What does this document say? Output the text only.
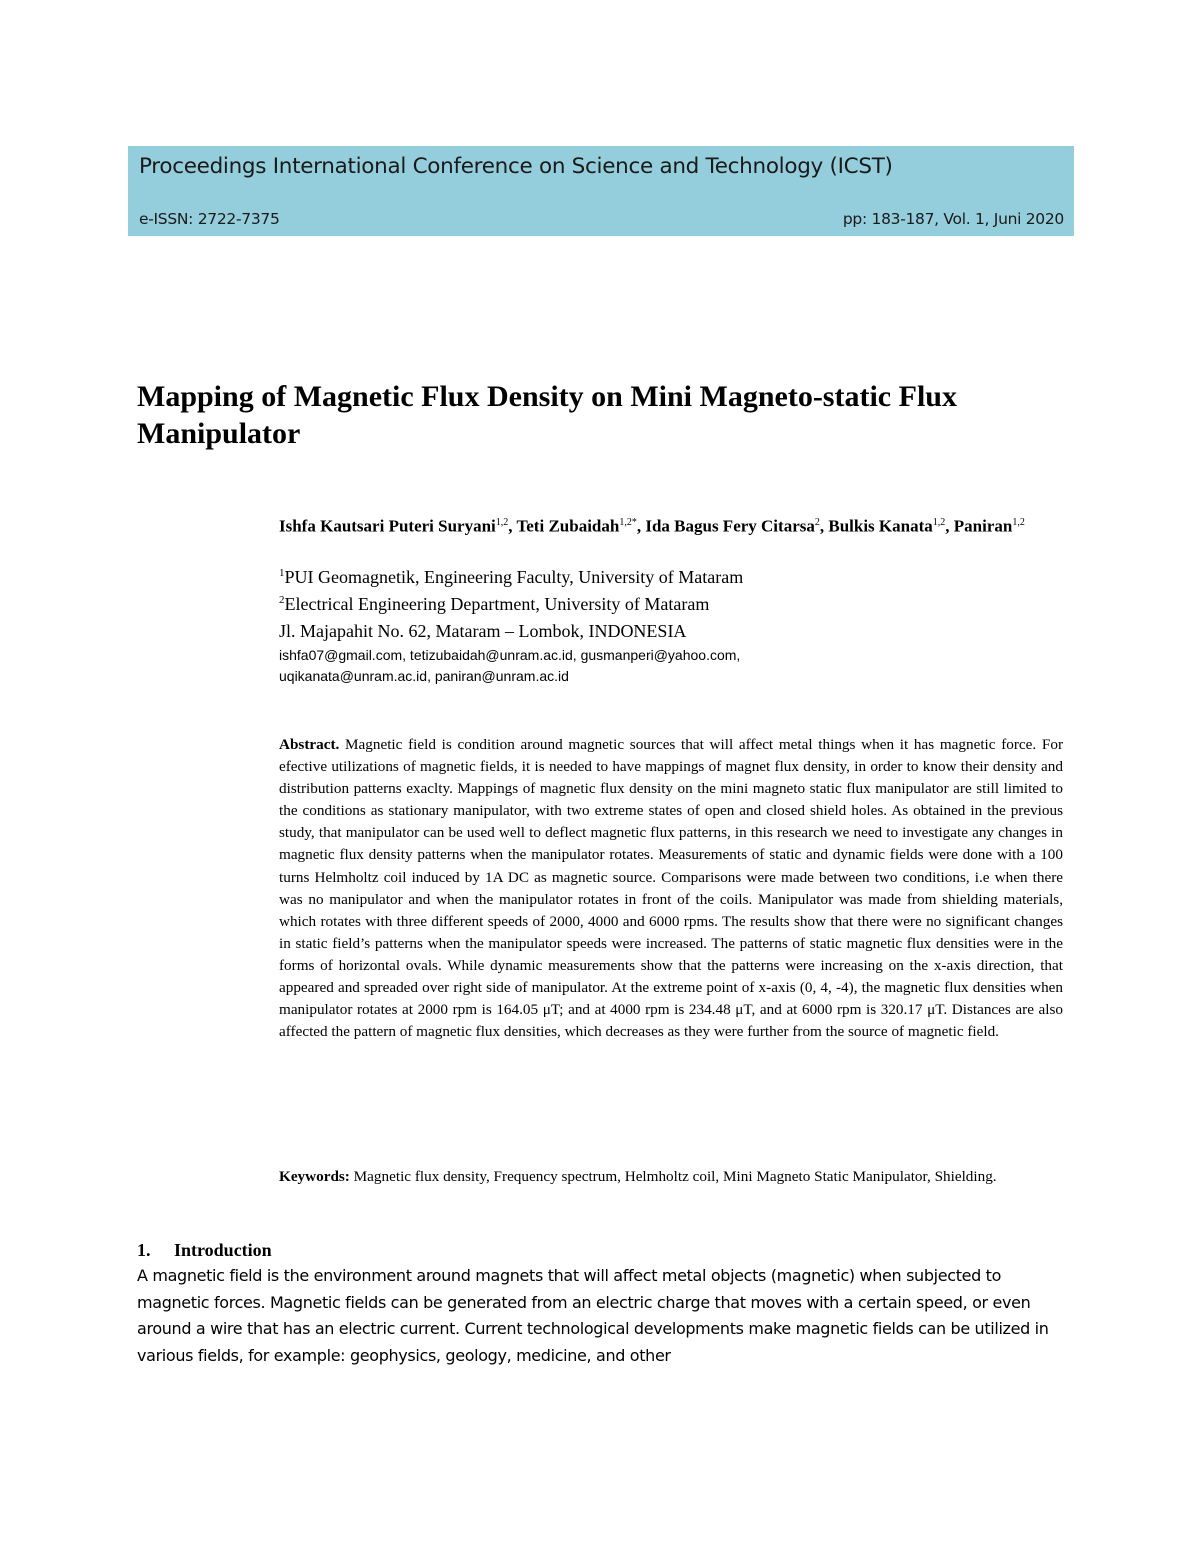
Proceedings International Conference on Science and Technology (ICST)
e-ISSN: 2722-7375	pp: 183-187, Vol. 1, Juni 2020
Mapping of Magnetic Flux Density on Mini Magneto-static Flux Manipulator

Ishfa Kautsari Puteri Suryani$^{1,2}$, Teti Zubaidah$^{1,2*}$, Ida Bagus Fery Citarsa$^2$, Bulkis Kanata$^{1,2}$, Paniran$^{1,2}$

$^1$PUI Geomagnetik, Engineering Faculty, University of Mataram
$^2$Electrical Engineering Department, University of Mataram
Jl. Majapahit No. 62, Mataram – Lombok, INDONESIA
ishfa07@gmail.com, tetizubaidah@unram.ac.id, gusmanperi@yahoo.com,
uqikanata@unram.ac.id, paniran@unram.ac.id

Abstract. Magnetic field is condition around magnetic sources that will affect metal things when it has magnetic force. For efective utilizations of magnetic fields, it is needed to have mappings of magnet flux density, in order to know their density and distribution patterns exaclty. Mappings of magnetic flux density on the mini magneto static flux manipulator are still limited to the conditions as stationary manipulator, with two extreme states of open and closed shield holes. As obtained in the previous study, that manipulator can be used well to deflect magnetic flux patterns, in this research we need to investigate any changes in magnetic flux density patterns when the manipulator rotates. Measurements of static and dynamic fields were done with a 100 turns Helmholtz coil induced by 1A DC as magnetic source. Comparisons were made between two conditions, i.e when there was no manipulator and when the manipulator rotates in front of the coils. Manipulator was made from shielding materials, which rotates with three different speeds of 2000, 4000 and 6000 rpms. The results show that there were no significant changes in static field’s patterns when the manipulator speeds were increased. The patterns of static magnetic flux densities were in the forms of horizontal ovals. While dynamic measurements show that the patterns were increasing on the x-axis direction, that appeared and spreaded over right side of manipulator. At the extreme point of x-axis (0, 4, -4), the magnetic flux densities when manipulator rotates at 2000 rpm is 164.05 μT; and at 4000 rpm is 234.48 μT, and at 6000 rpm is 320.17 μT. Distances are also affected the pattern of magnetic flux densities, which decreases as they were further from the source of magnetic field.

Keywords: Magnetic flux density, Frequency spectrum, Helmholtz coil, Mini Magneto Static Manipulator, Shielding.

1. Introduction

A magnetic field is the environment around magnets that will affect metal objects (magnetic) when subjected to magnetic forces. Magnetic fields can be generated from an electric charge that moves with a certain speed, or even around a wire that has an electric current. Current technological developments make magnetic fields can be utilized in various fields, for example: geophysics, geology, medicine, and other
